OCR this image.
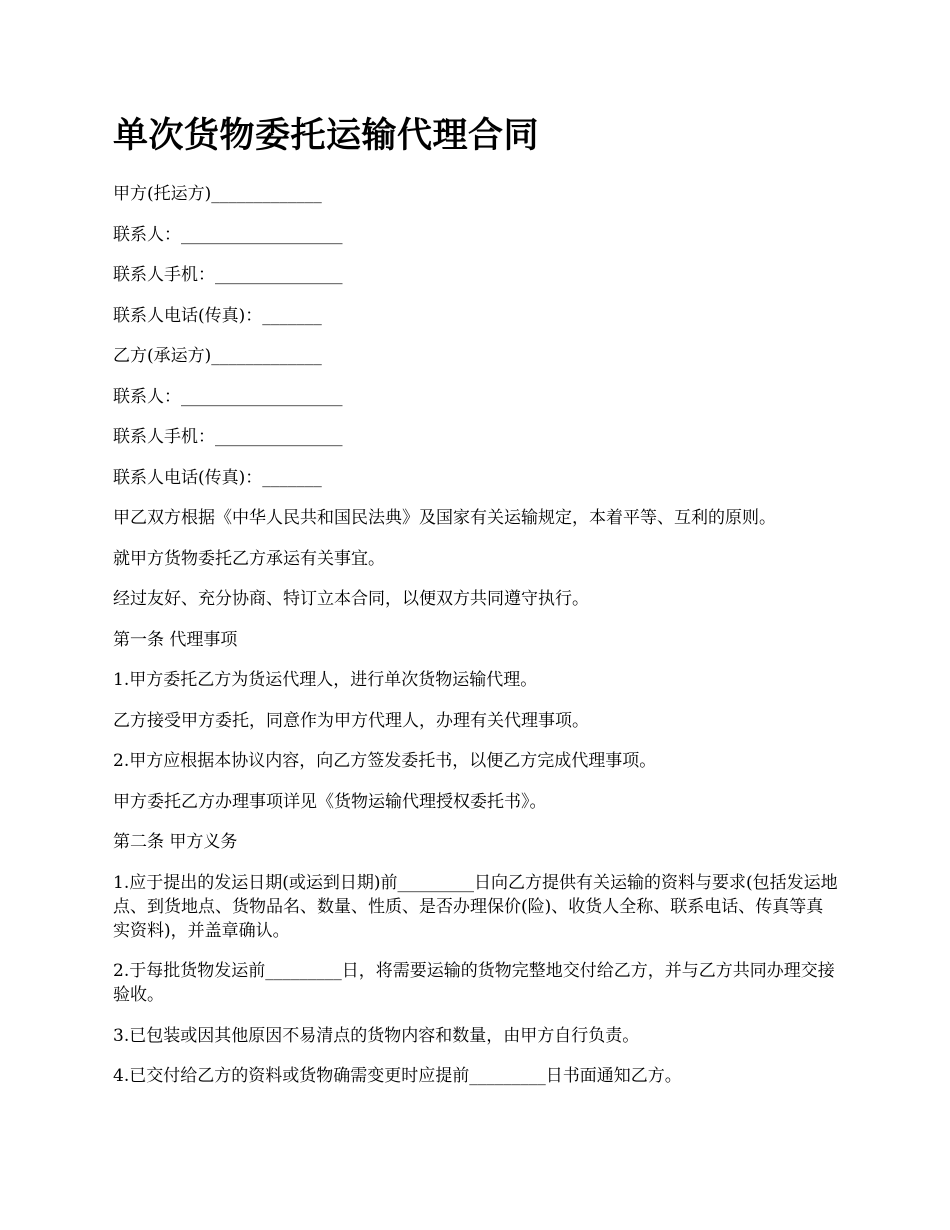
单次货物委托运输代理合同

甲方(托运方)_____________

联系人：___________________

联系人手机：_______________

联系人电话(传真)：_______

乙方(承运方)_____________

联系人：___________________

联系人手机：_______________

联系人电话(传真)：_______

甲乙双方根据《中华人民共和国民法典》及国家有关运输规定，本着平等、互利的原则。

就甲方货物委托乙方承运有关事宜。

经过友好、充分协商、特订立本合同，以便双方共同遵守执行。

第一条 代理事项

1.甲方委托乙方为货运代理人，进行单次货物运输代理。

乙方接受甲方委托，同意作为甲方代理人，办理有关代理事项。

2.甲方应根据本协议内容，向乙方签发委托书，以便乙方完成代理事项。

甲方委托乙方办理事项详见《货物运输代理授权委托书》。

第二条 甲方义务

1.应于提出的发运日期(或运到日期)前_________日向乙方提供有关运输的资料与要求(包括发运地点、到货地点、货物品名、数量、性质、是否办理保价(险)、收货人全称、联系电话、传真等真实资料)，并盖章确认。

2.于每批货物发运前_________日，将需要运输的货物完整地交付给乙方，并与乙方共同办理交接验收。

3.已包装或因其他原因不易清点的货物内容和数量，由甲方自行负责。

4.已交付给乙方的资料或货物确需变更时应提前_________日书面通知乙方。
